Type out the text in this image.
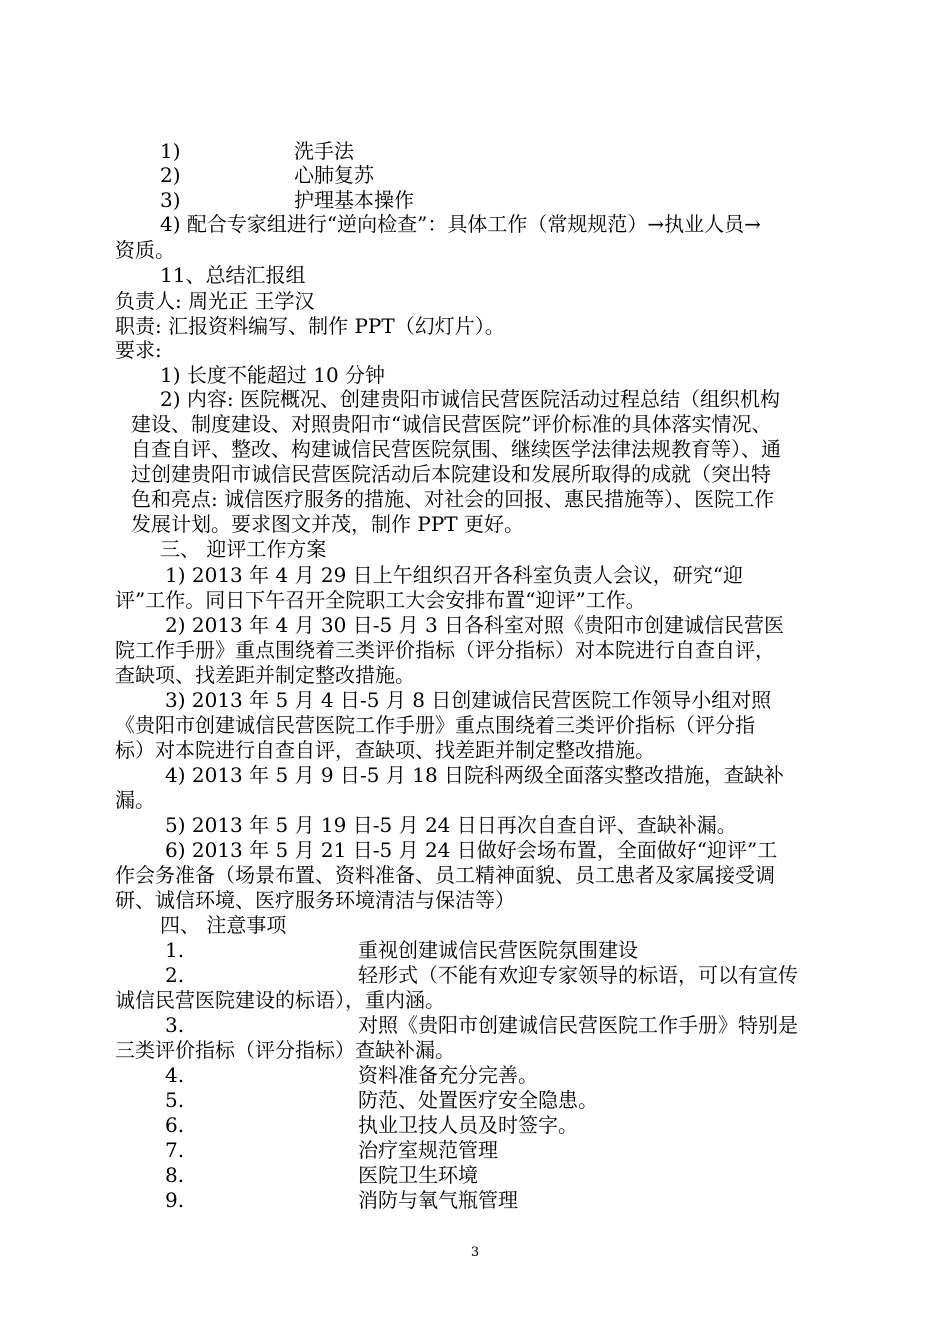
1)	洗手法
2)	心肺复苏
3)	护理基本操作
4) 配合专家组进行“逆向检查”：具体工作（常规规范）→执业人员→
资质。
11、总结汇报组
负责人: 周光正 王学汉
职责: 汇报资料编写、制作 PPT（幻灯片）。
要求:
1) 长度不能超过 10 分钟
2) 内容: 医院概况、创建贵阳市诚信民营医院活动过程总结（组织机构
建设、制度建设、对照贵阳市“诚信民营医院”评价标准的具体落实情况、
自查自评、整改、构建诚信民营医院氛围、继续医学法律法规教育等）、通
过创建贵阳市诚信民营医院活动后本院建设和发展所取得的成就（突出特
色和亮点: 诚信医疗服务的措施、对社会的回报、惠民措施等）、医院工作
发展计划。要求图文并茂，制作 PPT 更好。
三、 迎评工作方案
1) 2013 年 4 月 29 日上午组织召开各科室负责人会议，研究“迎
评”工作。同日下午召开全院职工大会安排布置“迎评”工作。
2) 2013 年 4 月 30 日-5 月 3 日各科室对照《贵阳市创建诚信民营医
院工作手册》重点围绕着三类评价指标（评分指标）对本院进行自查自评，
查缺项、找差距并制定整改措施。
3) 2013 年 5 月 4 日-5 月 8 日创建诚信民营医院工作领导小组对照
《贵阳市创建诚信民营医院工作手册》重点围绕着三类评价指标（评分指
标）对本院进行自查自评，查缺项、找差距并制定整改措施。
4) 2013 年 5 月 9 日-5 月 18 日院科两级全面落实整改措施，查缺补
漏。
5) 2013 年 5 月 19 日-5 月 24 日日再次自查自评、查缺补漏。
6) 2013 年 5 月 21 日-5 月 24 日做好会场布置，全面做好“迎评”工
作会务准备（场景布置、资料准备、员工精神面貌、员工患者及家属接受调
研、诚信环境、医疗服务环境清洁与保洁等）
四、 注意事项
1.	重视创建诚信民营医院氛围建设
2.	轻形式（不能有欢迎专家领导的标语，可以有宣传
诚信民营医院建设的标语），重内涵。
3.	对照《贵阳市创建诚信民营医院工作手册》特别是
三类评价指标（评分指标）查缺补漏。
4.	资料准备充分完善。
5.	防范、处置医疗安全隐患。
6.	执业卫技人员及时签字。
7.	治疗室规范管理
8.	医院卫生环境
9.	消防与氧气瓶管理
3
